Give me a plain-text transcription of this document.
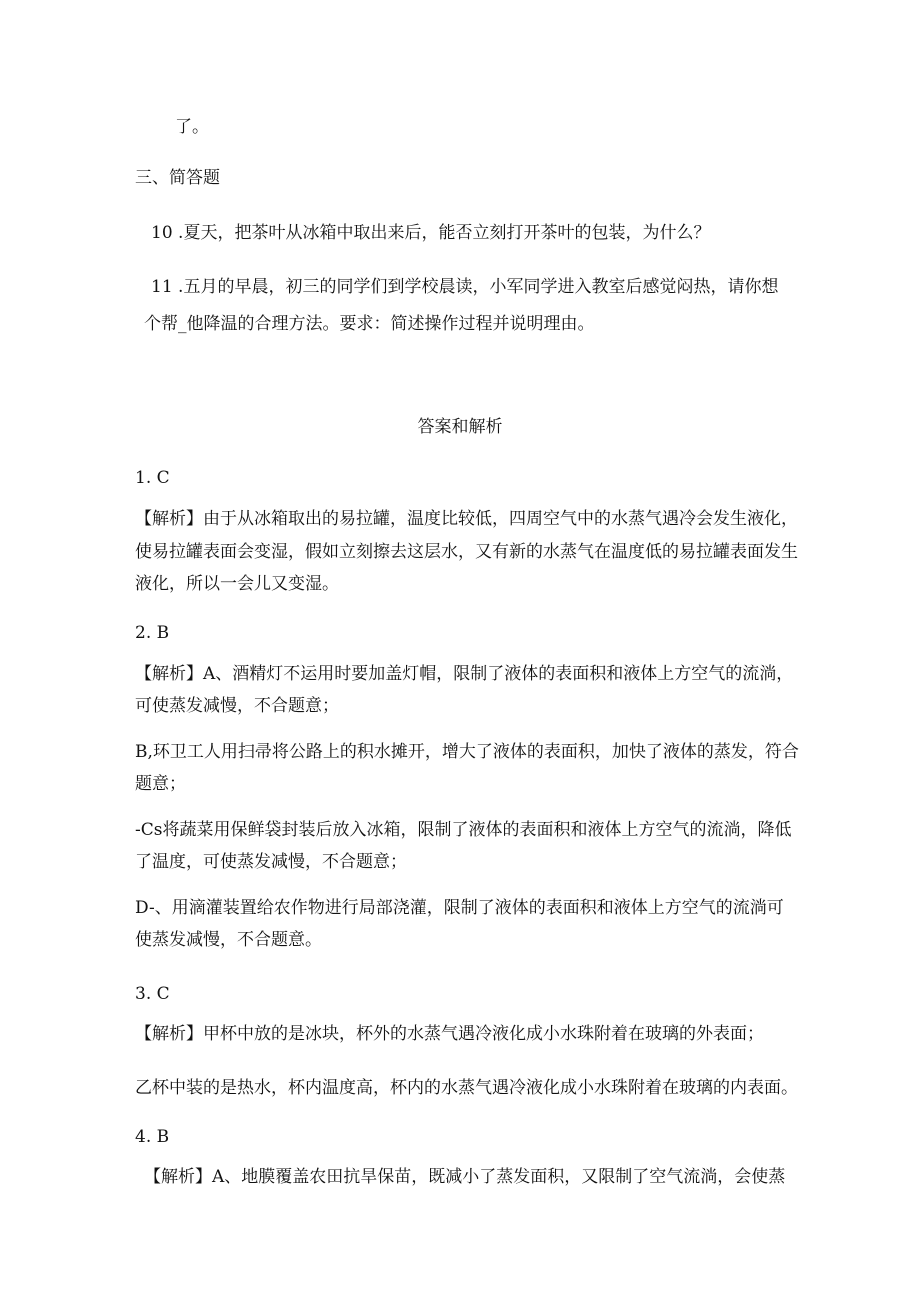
了。
三、简答题
10 .夏天，把茶叶从冰箱中取出来后，能否立刻打开茶叶的包装，为什么？
11 .五月的早晨，初三的同学们到学校晨读，小军同学进入教室后感觉闷热，请你想
个帮_他降温的合理方法。要求：简述操作过程并说明理由。
答案和解析
1. C
【解析】由于从冰箱取出的易拉罐，温度比较低，四周空气中的水蒸气遇冷会发生液化，
使易拉罐表面会变湿，假如立刻擦去这层水，又有新的水蒸气在温度低的易拉罐表面发生
液化，所以一会儿又变湿。
2. B
【解析】A、酒精灯不运用时要加盖灯帽，限制了液体的表面积和液体上方空气的流淌，
可使蒸发减慢，不合题意；
B,环卫工人用扫帚将公路上的积水摊开，增大了液体的表面积，加快了液体的蒸发，符合
题意；
-Cs将蔬菜用保鲜袋封装后放入冰箱，限制了液体的表面积和液体上方空气的流淌，降低
了温度，可使蒸发减慢，不合题意；
D-、用滴灌装置给农作物进行局部浇灌，限制了液体的表面积和液体上方空气的流淌可
使蒸发减慢，不合题意。
3. C
【解析】甲杯中放的是冰块，杯外的水蒸气遇冷液化成小水珠附着在玻璃的外表面；
乙杯中装的是热水，杯内温度高，杯内的水蒸气遇冷液化成小水珠附着在玻璃的内表面。
4. B
【解析】A、地膜覆盖农田抗旱保苗，既减小了蒸发面积，又限制了空气流淌，会使蒸
